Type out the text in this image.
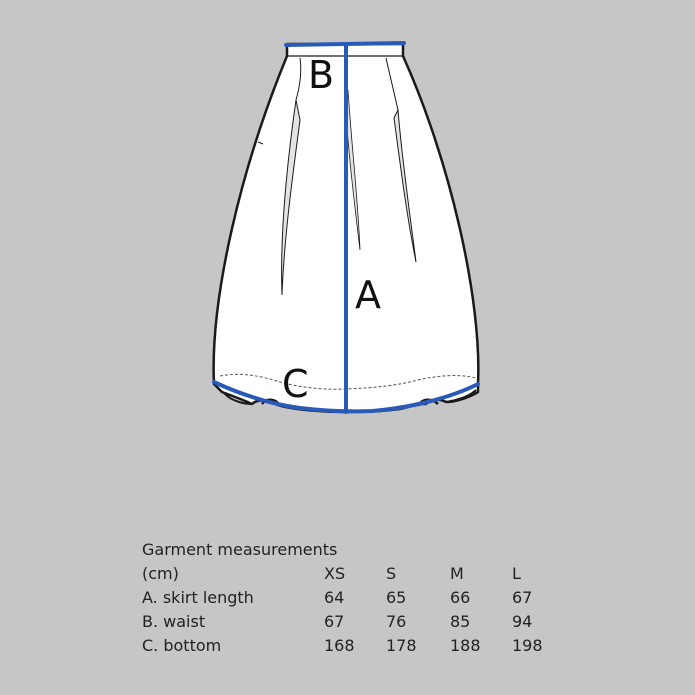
B
A
C
Garment measurements
(cm)	XS	S	M	L
A. skirt length	64	65	66	67
B. waist	67	76	85	94
C. bottom	168	178	188	198
